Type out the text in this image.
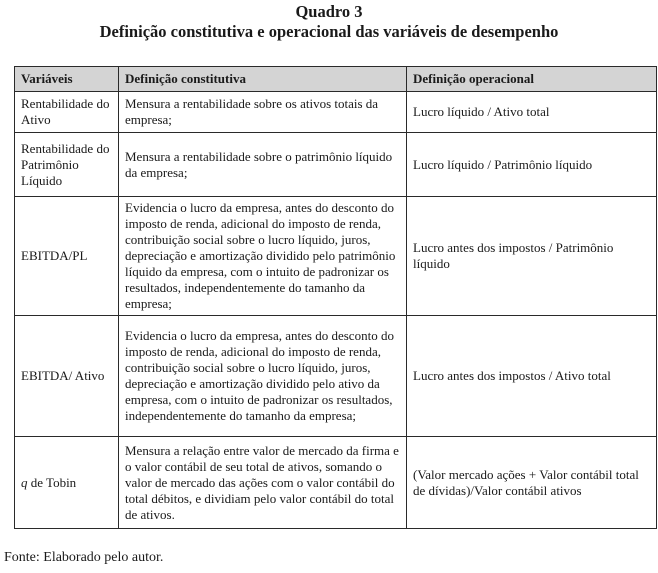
Quadro 3
Definição constitutiva e operacional das variáveis de desempenho
Variáveis	Definição constitutiva	Definição operacional
Rentabilidade do Ativo	Mensura a rentabilidade sobre os ativos totais da empresa;	Lucro líquido / Ativo total
Rentabilidade do Patrimônio Líquido	Mensura a rentabilidade sobre o patrimônio líquido da empresa;	Lucro líquido / Patrimônio líquido
EBITDA/PL	Evidencia o lucro da empresa, antes do desconto do imposto de renda, adicional do imposto de renda, contribuição social sobre o lucro líquido, juros, depreciação e amortização dividido pelo patrimônio líquido da empresa, com o intuito de padronizar os resultados, independentemente do tamanho da empresa;	Lucro antes dos impostos / Patrimônio líquido
EBITDA/ Ativo	Evidencia o lucro da empresa, antes do desconto do imposto de renda, adicional do imposto de renda, contribuição social sobre o lucro líquido, juros, depreciação e amortização dividido pelo ativo da empresa, com o intuito de padronizar os resultados, independentemente do tamanho da empresa;	Lucro antes dos impostos / Ativo total
q de Tobin	Mensura a relação entre valor de mercado da firma e o valor contábil de seu total de ativos, somando o valor de mercado das ações com o valor contábil do total débitos, e dividiam pelo valor contábil do total de ativos.	(Valor mercado ações + Valor contábil total de dívidas)/Valor contábil ativos
Fonte: Elaborado pelo autor.
